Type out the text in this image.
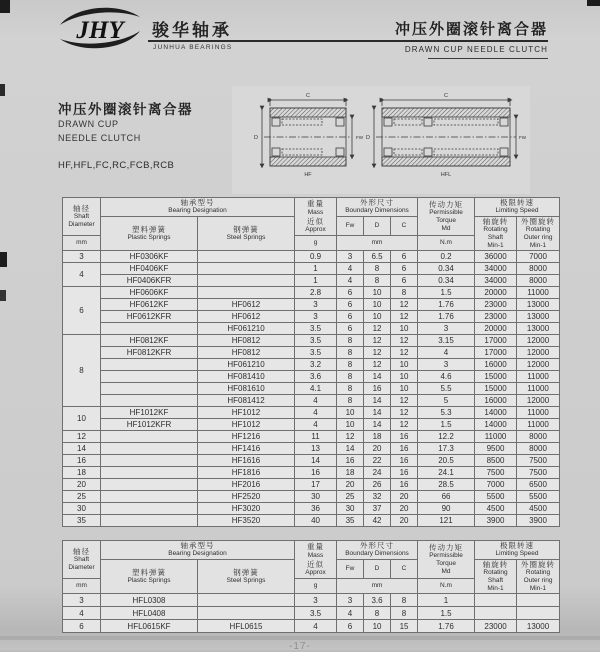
JHY 骏华轴承
JUNHUA BEARINGS
冲压外圈滚针离合器
DRAWN CUP NEEDLE CLUTCH
冲压外圈滚针离合器
DRAWN CUP
NEEDLE CLUTCH
HF,HFL,FC,RC,FCB,RCB
C
D	FW
HF
C
D	FW
HFL
轴径
Shaft
Diameter

轴承型号
Bearing Designation

重量
Mass
近似
Approx

外形尺寸
Boundary Dimensions

传动力矩
Permissible
Torque
Md

极限转速
Limiting Speed

塑料弹簧
Plastic Springs

钢弹簧
Steel Springs
	Fw	D	C	轴旋转
Rotating
Shaft
Min-1

外圈旋转
Rotating
Outer ring
Min-1

mm			g	mm			N.m		
3	HF0306KF		0.9	3	6.5	6	0.2	36000	7000
4	HF0406KF		1	4	8	6	0.34	34000	8000
	HF0406KFR		1	4	8	6	0.34	34000	8000
6	HF0606KF		2.8	6	10	8	1.5	20000	11000
	HF0612KF	HF0612	3	6	10	12	1.76	23000	13000
	HF0612KFR	HF0612	3	6	10	12	1.76	23000	13000
		HF061210	3.5	6	12	10	3	20000	13000
8	HF0812KF	HF0812	3.5	8	12	12	3.15	17000	12000
	HF0812KFR	HF0812	3.5	8	12	12	4	17000	12000
		HF061210	3.2	8	12	10	3	16000	12000
		HF081410	3.6	8	14	10	4.6	15000	11000
		HF081610	4.1	8	16	10	5.5	15000	11000
		HF081412	4	8	14	12	5	16000	12000
10	HF1012KF	HF1012	4	10	14	12	5.3	14000	11000
	HF1012KFR	HF1012	4	10	14	12	1.5	14000	11000
12		HF1216	11	12	18	16	12.2	11000	8000
14		HF1416	13	14	20	16	17.3	9500	8000
16		HF1616	14	16	22	16	20.5	8500	7500
18		HF1816	16	18	24	16	24.1	7500	7500
20		HF2016	17	20	26	16	28.5	7000	6500
25		HF2520	30	25	32	20	66	5500	5500
30		HF3020	36	30	37	20	90	4500	4500
35		HF3520	40	35	42	20	121	3900	3900
轴径
Shaft
Diameter

轴承型号
Bearing Designation

重量
Mass
近似
Approx

外形尺寸
Boundary Dimensions

传动力矩
Permissible
Torque
Md

极限转速
Limiting Speed

塑料弹簧
Plastic Springs

钢弹簧
Steel Springs
	Fw	D	C	轴旋转
Rotating
Shaft
Min-1

外圈旋转
Rotating
Outer ring
Min-1

mm			g	mm			N.m		
3	HFL0308		3	3	3.6	8	1		
4	HFL0408		3.5	4	8	8	1.5		
6	HFL0615KF	HFL0615	4	6	10	15	1.76	23000	13000
-17-
